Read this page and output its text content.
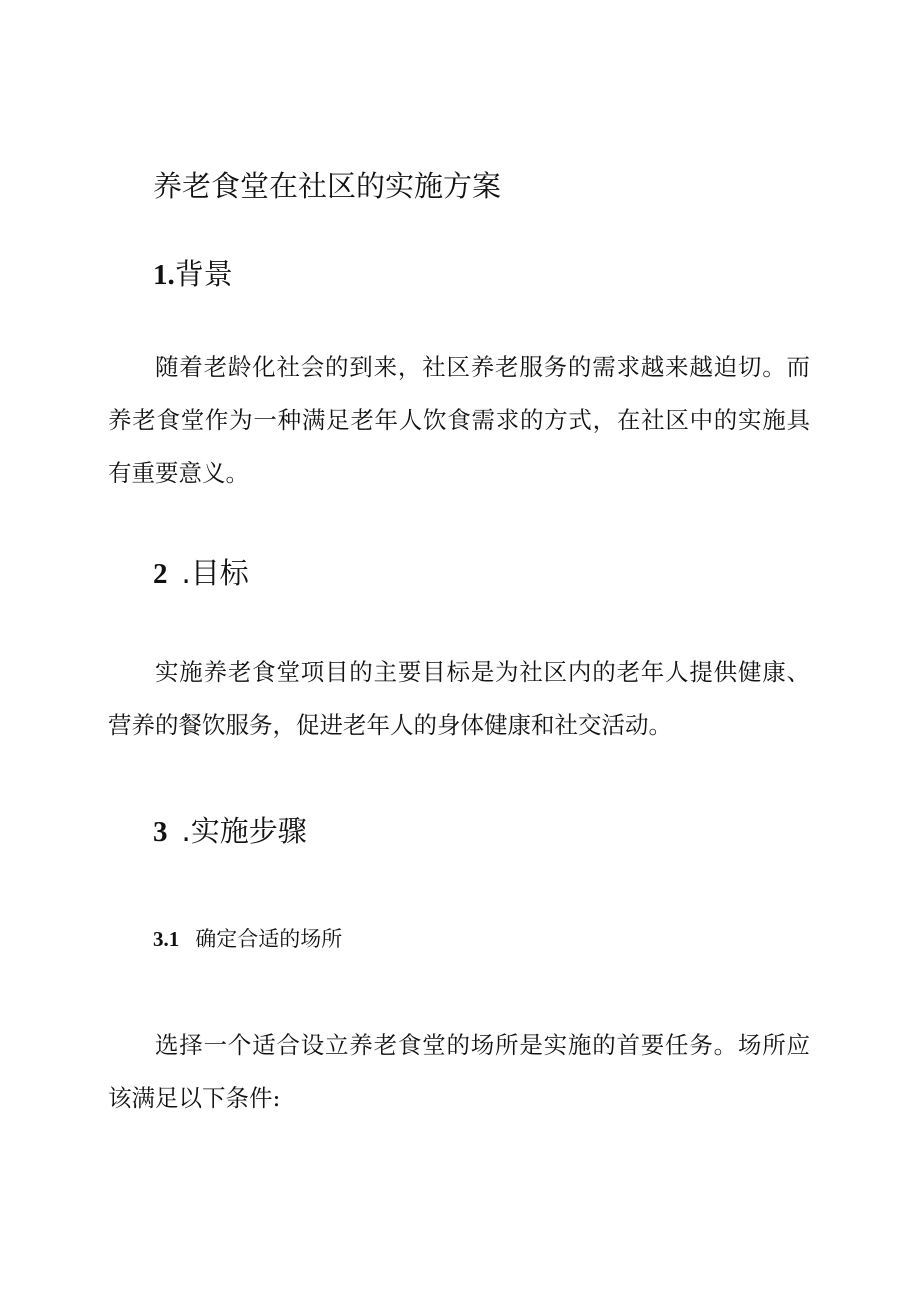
养老食堂在社区的实施方案
1.背景
随着老龄化社会的到来，社区养老服务的需求越来越迫切。而养老食堂作为一种满足老年人饮食需求的方式，在社区中的实施具有重要意义。
2 .目标
实施养老食堂项目的主要目标是为社区内的老年人提供健康、营养的餐饮服务，促进老年人的身体健康和社交活动。
3 .实施步骤
3.1 确定合适的场所
选择一个适合设立养老食堂的场所是实施的首要任务。场所应该满足以下条件:
